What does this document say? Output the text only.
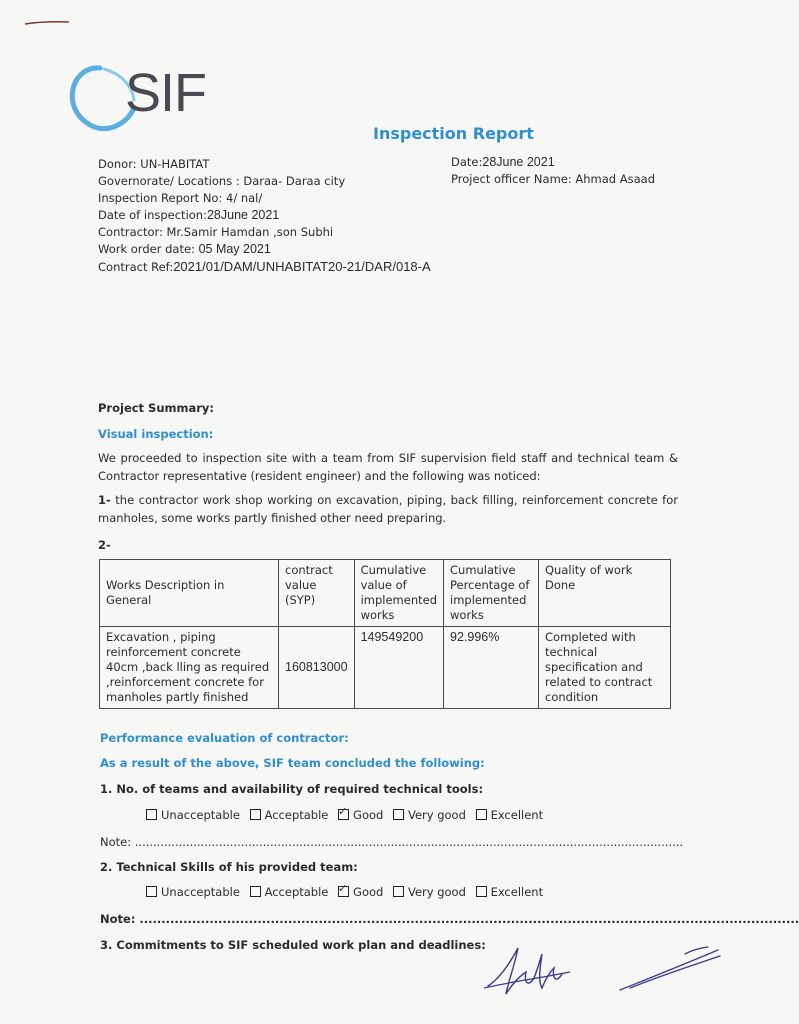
SIF
Inspection Report
Donor: UN-HABITAT
Governorate/ Locations : Daraa- Daraa city
Inspection Report No: 4/ nal/
Date of inspection:28June 2021
Contractor: Mr.Samir Hamdan ,son Subhi
Work order date: 05 May 2021
Contract Ref:2021/01/DAM/UNHABITAT20-21/DAR/018-A
Date:28June 2021
Project officer Name: Ahmad Asaad
Project Summary:
Visual inspection:
We proceeded to inspection site with a team from SIF supervision field staff and technical team & Contractor representative (resident engineer) and the following was noticed:
1- the contractor work shop working on excavation, piping, back filling, reinforcement concrete for manholes, some works partly finished other need preparing.
2-
Works Description in General	contract value (SYP)	Cumulative value of implemented works	Cumulative Percentage of implemented works	Quality of work Done
Excavation , piping reinforcement concrete 40cm ,back lling as required ,reinforcement concrete for manholes partly finished	160813000	149549200	92.996%	Completed with technical specification and related to contract condition
Performance evaluation of contractor:
As a result of the above, SIF team concluded the following:
1. No. of teams and availability of required technical tools:
Unacceptable Acceptable ✓ Good Very good Excellent
Note: ......................................................................................................................................................
2. Technical Skills of his provided team:
Unacceptable Acceptable ✓ Good Very good Excellent
Note: .......................................................................................................................................................
3. Commitments to SIF scheduled work plan and deadlines:
